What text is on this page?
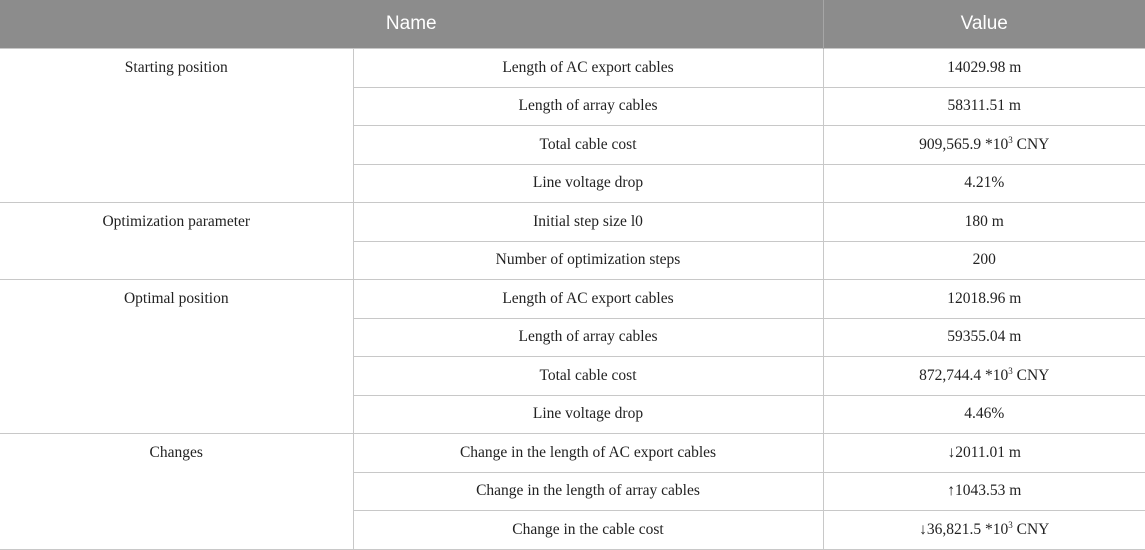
Name		Value
Starting position	Length of AC export cables	14029.98 m
	Length of array cables	58311.51 m
	Total cable cost	909,565.9 $*10^3$ CNY
	Line voltage drop	4.21%
Optimization parameter	Initial step size l0	180 m
	Number of optimization steps	200
Optimal position	Length of AC export cables	12018.96 m
	Length of array cables	59355.04 m
	Total cable cost	872,744.4 $*10^3$ CNY
	Line voltage drop	4.46%
Changes	Change in the length of AC export cables	↓2011.01 m
	Change in the length of array cables	↑1043.53 m
	Change in the cable cost	↓36,821.5 $*10^3$ CNY
